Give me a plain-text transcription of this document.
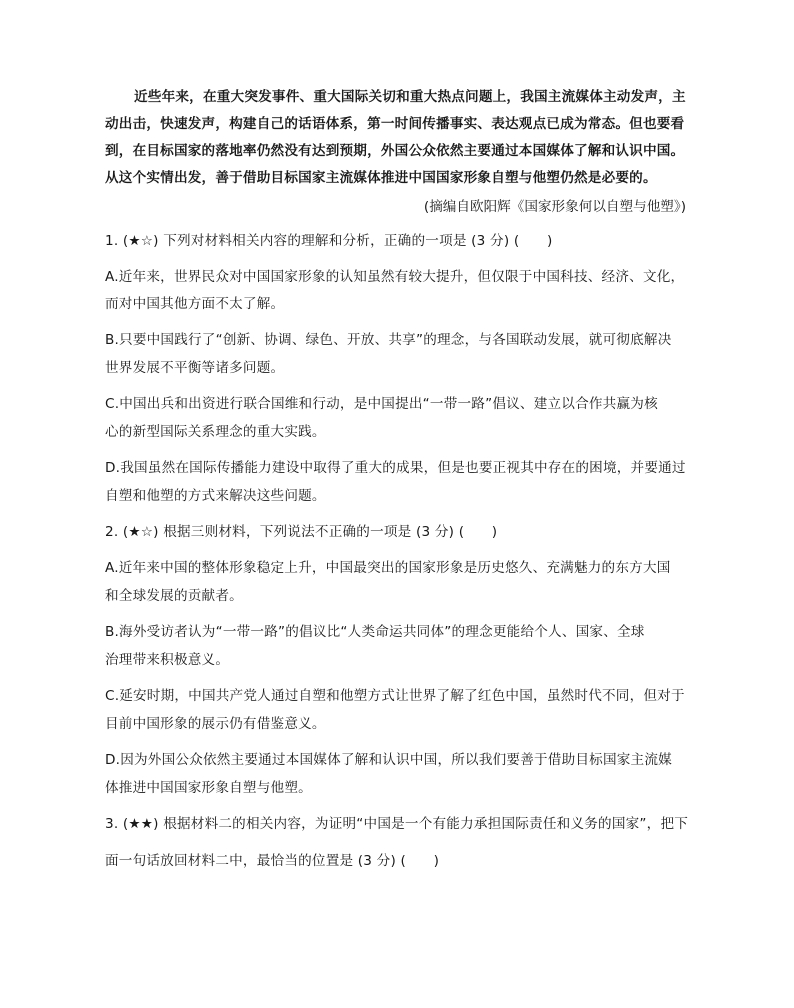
近些年来，在重大突发事件、重大国际关切和重大热点问题上，我国主流媒体主动发声，主
动出击，快速发声，构建自己的话语体系，第一时间传播事实、表达观点已成为常态。但也要看
到，在目标国家的落地率仍然没有达到预期，外国公众依然主要通过本国媒体了解和认识中国。
从这个实情出发，善于借助目标国家主流媒体推进中国国家形象自塑与他塑仍然是必要的。
(摘编自欧阳辉《国家形象何以自塑与他塑》)
1. (★☆) 下列对材料相关内容的理解和分析，正确的一项是 (3 分) (　　)
A.近年来，世界民众对中国国家形象的认知虽然有较大提升，但仅限于中国科技、经济、文化，
而对中国其他方面不太了解。
B.只要中国践行了“创新、协调、绿色、开放、共享”的理念，与各国联动发展，就可彻底解决
世界发展不平衡等诸多问题。
C.中国出兵和出资进行联合国维和行动，是中国提出“一带一路”倡议、建立以合作共赢为核
心的新型国际关系理念的重大实践。
D.我国虽然在国际传播能力建设中取得了重大的成果，但是也要正视其中存在的困境，并要通过
自塑和他塑的方式来解决这些问题。
2. (★☆) 根据三则材料，下列说法不正确的一项是 (3 分) (　　)
A.近年来中国的整体形象稳定上升，中国最突出的国家形象是历史悠久、充满魅力的东方大国
和全球发展的贡献者。
B.海外受访者认为“一带一路”的倡议比“人类命运共同体”的理念更能给个人、国家、全球
治理带来积极意义。
C.延安时期，中国共产党人通过自塑和他塑方式让世界了解了红色中国，虽然时代不同，但对于
目前中国形象的展示仍有借鉴意义。
D.因为外国公众依然主要通过本国媒体了解和认识中国，所以我们要善于借助目标国家主流媒
体推进中国国家形象自塑与他塑。
3. (★★) 根据材料二的相关内容，为证明“中国是一个有能力承担国际责任和义务的国家”，把下
面一句话放回材料二中，最恰当的位置是 (3 分) (　　)
